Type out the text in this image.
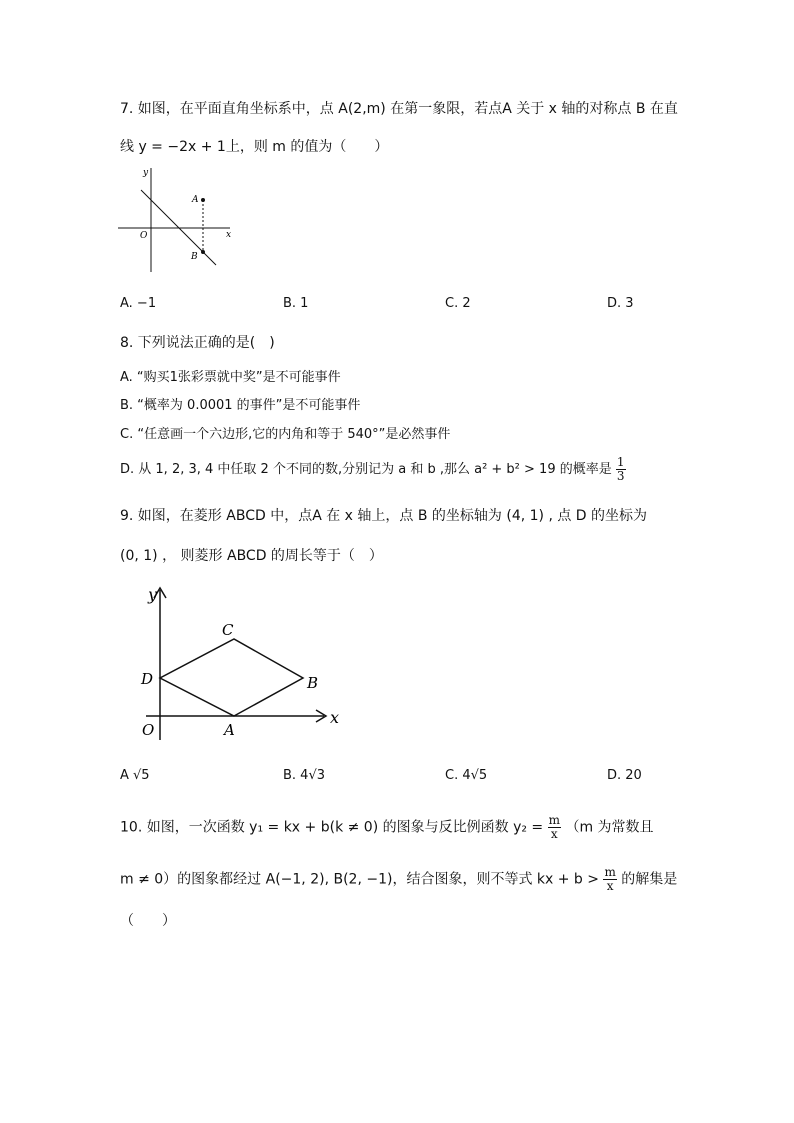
7. 如图，在平面直角坐标系中，点 A(2,m) 在第一象限，若点A 关于 x 轴的对称点 B 在直
线 y = −2x + 1上，则 m 的值为（　　）
y
x
O
A
B
A. −1	B. 1	C. 2	D. 3
8. 下列说法正确的是(　)
A. “购买1张彩票就中奖”是不可能事件
B. “概率为 0.0001 的事件”是不可能事件
C. “任意画一个六边形,它的内角和等于 540°”是必然事件
D. 从 1, 2, 3, 4 中任取 2 个不同的数,分别记为 a 和 b ,那么 a² + b² > 19 的概率是 $\frac{1}{3}$
9. 如图，在菱形 ABCD 中，点A 在 x 轴上，点 B 的坐标轴为 (4, 1) , 点 D 的坐标为
(0, 1) ， 则菱形 ABCD 的周长等于（　）
y
x
O	A
B
C
D
A √5	B. 4√3	C. 4√5	D. 20
10. 如图，一次函数 y₁ = kx + b(k ≠ 0) 的图象与反比例函数 $y_2 = \frac{m}{x} (m$ 为常数且
m ≠ 0）的图象都经过 A(−1, 2), B(2, −1)，结合图象，则不等式 kx + $b > \frac{m}{x}$ 的解集是
（　　）
